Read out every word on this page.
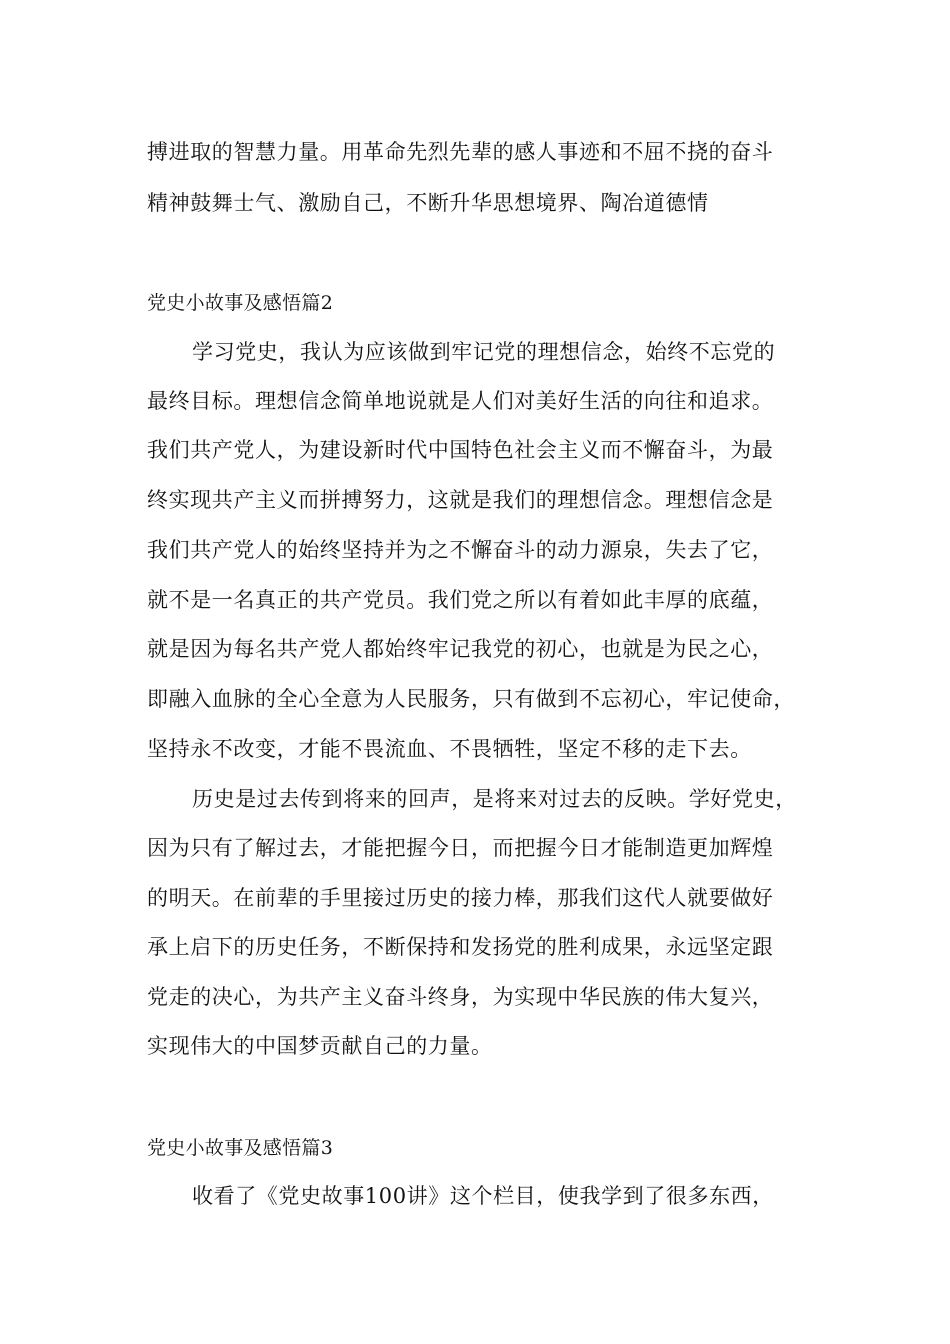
搏进取的智慧力量。用革命先烈先辈的感人事迹和不屈不挠的奋斗
精神鼓舞士气、激励自己，不断升华思想境界、陶冶道德情
党史小故事及感悟篇2
学习党史，我认为应该做到牢记党的理想信念，始终不忘党的
最终目标。理想信念简单地说就是人们对美好生活的向往和追求。
我们共产党人，为建设新时代中国特色社会主义而不懈奋斗，为最
终实现共产主义而拼搏努力，这就是我们的理想信念。理想信念是
我们共产党人的始终坚持并为之不懈奋斗的动力源泉，失去了它，
就不是一名真正的共产党员。我们党之所以有着如此丰厚的底蕴，
就是因为每名共产党人都始终牢记我党的初心，也就是为民之心，
即融入血脉的全心全意为人民服务，只有做到不忘初心，牢记使命，
坚持永不改变，才能不畏流血、不畏牺牲，坚定不移的走下去。
历史是过去传到将来的回声，是将来对过去的反映。学好党史，
因为只有了解过去，才能把握今日，而把握今日才能制造更加辉煌
的明天。在前辈的手里接过历史的接力棒，那我们这代人就要做好
承上启下的历史任务，不断保持和发扬党的胜利成果，永远坚定跟
党走的决心，为共产主义奋斗终身，为实现中华民族的伟大复兴，
实现伟大的中国梦贡献自己的力量。
党史小故事及感悟篇3
收看了《党史故事100讲》这个栏目，使我学到了很多东西，
